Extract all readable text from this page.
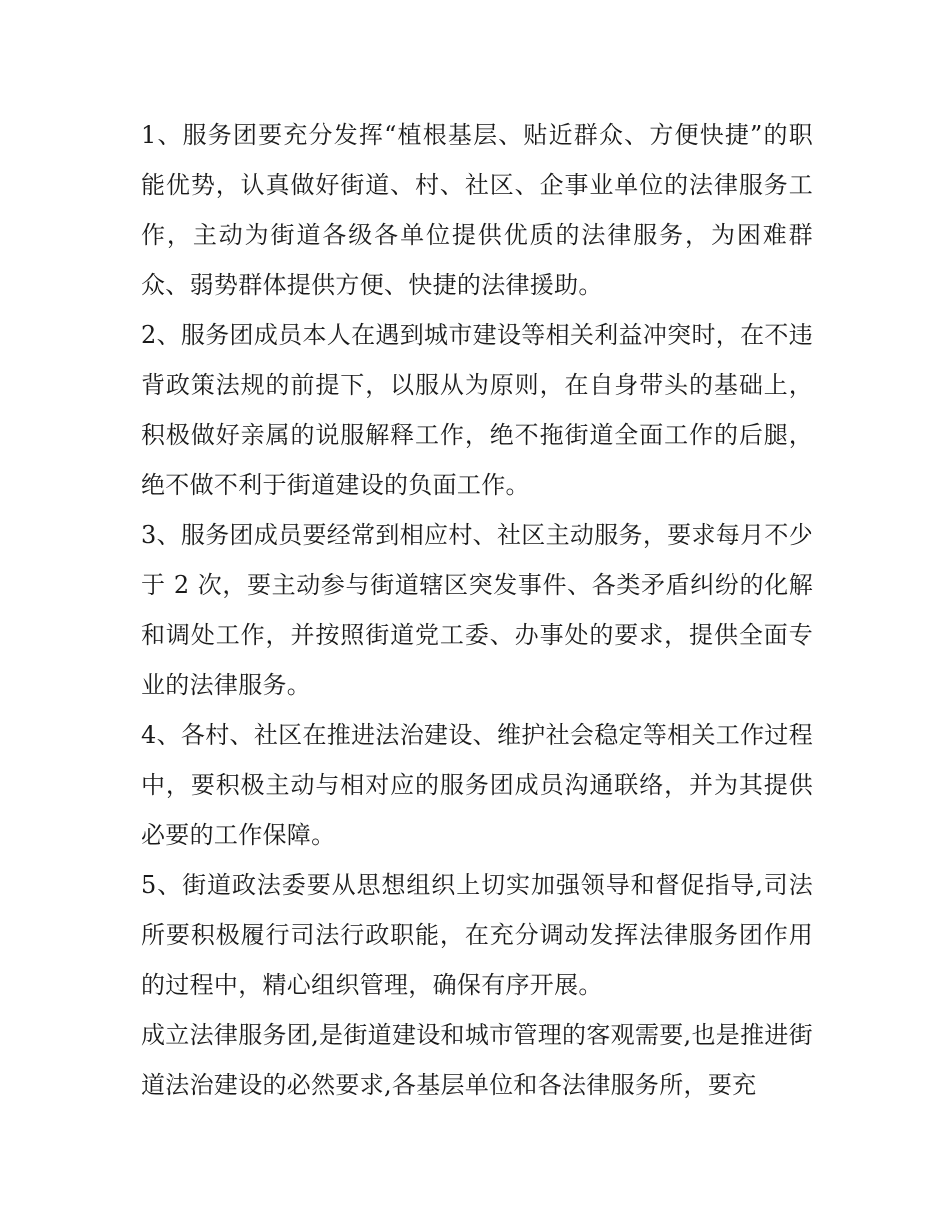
1、服务团要充分发挥“植根基层、贴近群众、方便快捷”的职能优势，认真做好街道、村、社区、企事业单位的法律服务工作，主动为街道各级各单位提供优质的法律服务，为困难群众、弱势群体提供方便、快捷的法律援助。

2、服务团成员本人在遇到城市建设等相关利益冲突时，在不违背政策法规的前提下，以服从为原则，在自身带头的基础上，积极做好亲属的说服解释工作，绝不拖街道全面工作的后腿，绝不做不利于街道建设的负面工作。

3、服务团成员要经常到相应村、社区主动服务，要求每月不少于 2 次，要主动参与街道辖区突发事件、各类矛盾纠纷的化解和调处工作，并按照街道党工委、办事处的要求，提供全面专业的法律服务。

4、各村、社区在推进法治建设、维护社会稳定等相关工作过程中，要积极主动与相对应的服务团成员沟通联络，并为其提供必要的工作保障。

5、街道政法委要从思想组织上切实加强领导和督促指导,司法所要积极履行司法行政职能，在充分调动发挥法律服务团作用的过程中，精心组织管理，确保有序开展。

成立法律服务团,是街道建设和城市管理的客观需要,也是推进街道法治建设的必然要求,各基层单位和各法律服务所，要充
